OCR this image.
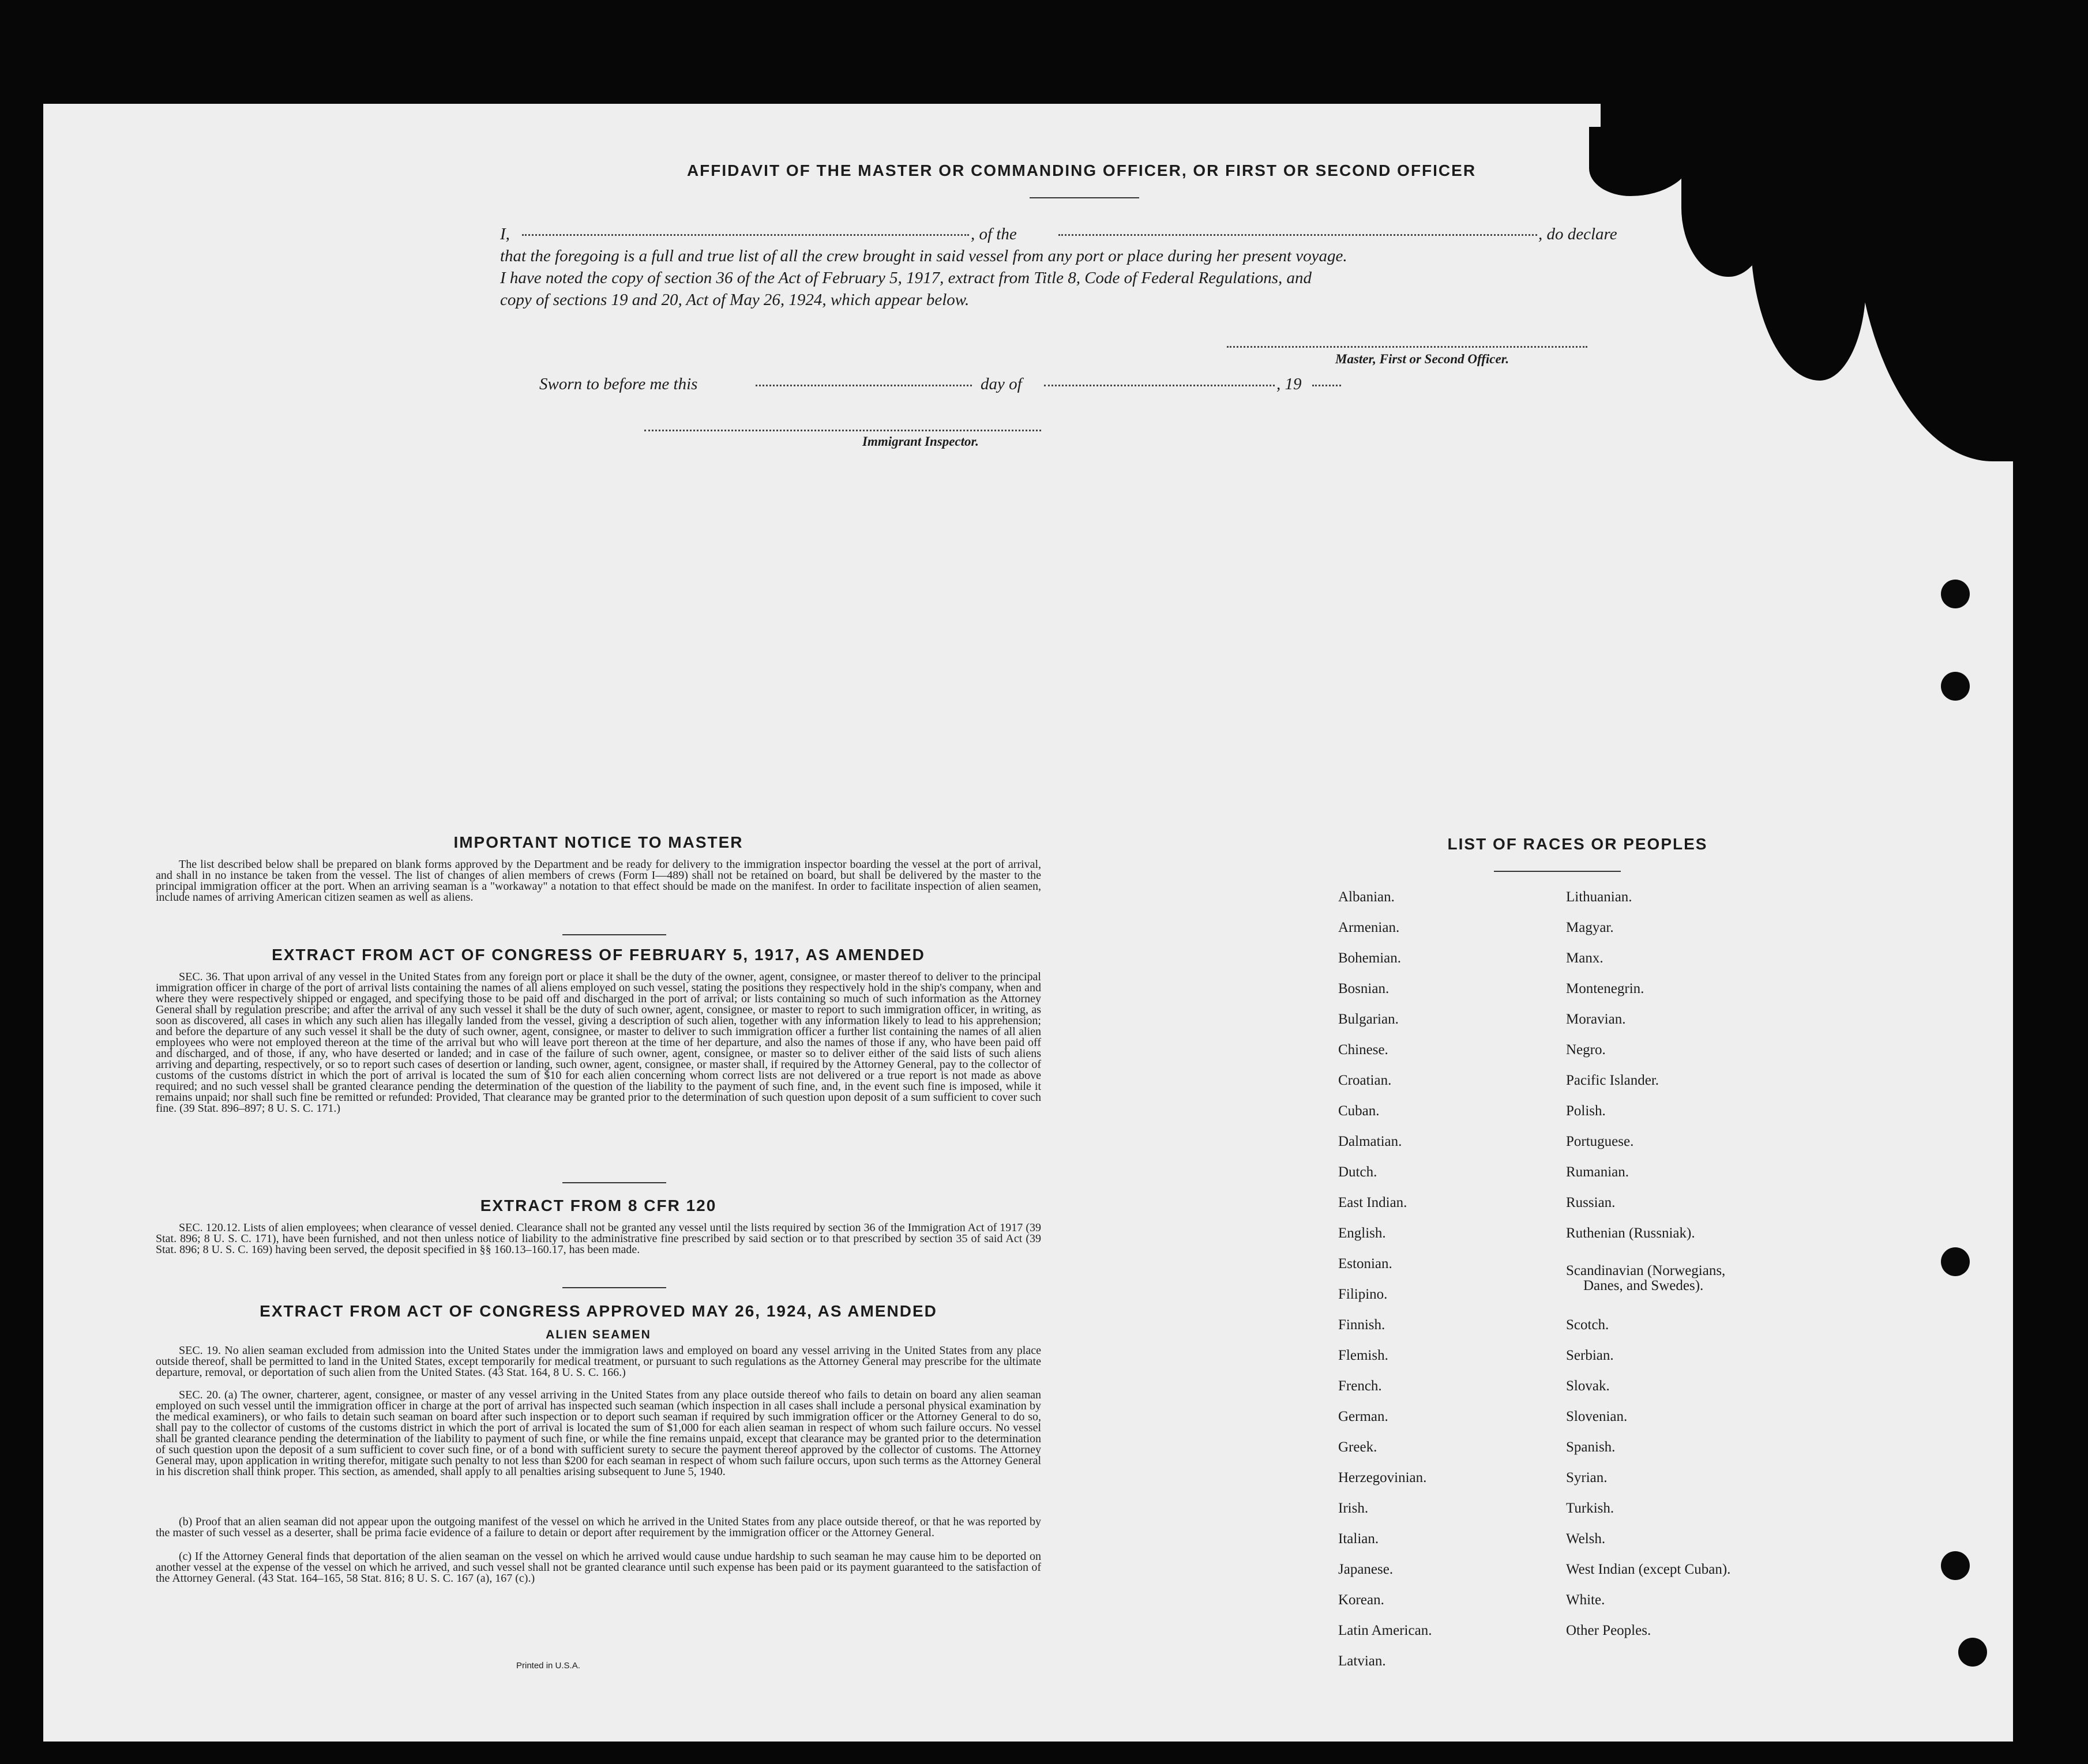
AFFIDAVIT OF THE MASTER OR COMMANDING OFFICER, OR FIRST OR SECOND OFFICER
I,	, of the	, do declare
that the foregoing is a full and true list of all the crew brought in said vessel from any port or place during her present voyage.
I have noted the copy of section 36 of the Act of February 5, 1917, extract from Title 8, Code of Federal Regulations, and
copy of sections 19 and 20, Act of May 26, 1924, which appear below.
Master, First or Second Officer.
Sworn to before me this	day of	, 19
Immigrant Inspector.
IMPORTANT NOTICE TO MASTER
The list described below shall be prepared on blank forms approved by the Department and be ready for delivery to the immigration inspector boarding the vessel at the port of arrival, and shall in no instance be taken from the vessel. The list of changes of alien members of crews (Form I—489) shall not be retained on board, but shall be delivered by the master to the principal immigration officer at the port. When an arriving seaman is a "workaway" a notation to that effect should be made on the manifest. In order to facilitate inspection of alien seamen, include names of arriving American citizen seamen as well as aliens.
EXTRACT FROM ACT OF CONGRESS OF FEBRUARY 5, 1917, AS AMENDED
SEC. 36. That upon arrival of any vessel in the United States from any foreign port or place it shall be the duty of the owner, agent, consignee, or master thereof to deliver to the principal immigration officer in charge of the port of arrival lists containing the names of all aliens employed on such vessel, stating the positions they respectively hold in the ship's company, when and where they were respectively shipped or engaged, and specifying those to be paid off and discharged in the port of arrival; or lists containing so much of such information as the Attorney General shall by regulation prescribe; and after the arrival of any such vessel it shall be the duty of such owner, agent, consignee, or master to report to such immigration officer, in writing, as soon as discovered, all cases in which any such alien has illegally landed from the vessel, giving a description of such alien, together with any information likely to lead to his apprehension; and before the departure of any such vessel it shall be the duty of such owner, agent, consignee, or master to deliver to such immigration officer a further list containing the names of all alien employees who were not employed thereon at the time of the arrival but who will leave port thereon at the time of her departure, and also the names of those if any, who have been paid off and discharged, and of those, if any, who have deserted or landed; and in case of the failure of such owner, agent, consignee, or master so to deliver either of the said lists of such aliens arriving and departing, respectively, or so to report such cases of desertion or landing, such owner, agent, consignee, or master shall, if required by the Attorney General, pay to the collector of customs of the customs district in which the port of arrival is located the sum of $10 for each alien concerning whom correct lists are not delivered or a true report is not made as above required; and no such vessel shall be granted clearance pending the determination of the question of the liability to the payment of such fine, and, in the event such fine is imposed, while it remains unpaid; nor shall such fine be remitted or refunded: Provided, That clearance may be granted prior to the determination of such question upon deposit of a sum sufficient to cover such fine. (39 Stat. 896–897; 8 U. S. C. 171.)
EXTRACT FROM 8 CFR 120
SEC. 120.12. Lists of alien employees; when clearance of vessel denied. Clearance shall not be granted any vessel until the lists required by section 36 of the Immigration Act of 1917 (39 Stat. 896; 8 U. S. C. 171), have been furnished, and not then unless notice of liability to the administrative fine prescribed by said section or to that prescribed by section 35 of said Act (39 Stat. 896; 8 U. S. C. 169) having been served, the deposit specified in §§ 160.13–160.17, has been made.
EXTRACT FROM ACT OF CONGRESS APPROVED MAY 26, 1924, AS AMENDED
ALIEN SEAMEN
SEC. 19. No alien seaman excluded from admission into the United States under the immigration laws and employed on board any vessel arriving in the United States from any place outside thereof, shall be permitted to land in the United States, except temporarily for medical treatment, or pursuant to such regulations as the Attorney General may prescribe for the ultimate departure, removal, or deportation of such alien from the United States. (43 Stat. 164, 8 U. S. C. 166.)
SEC. 20. (a) The owner, charterer, agent, consignee, or master of any vessel arriving in the United States from any place outside thereof who fails to detain on board any alien seaman employed on such vessel until the immigration officer in charge at the port of arrival has inspected such seaman (which inspection in all cases shall include a personal physical examination by the medical examiners), or who fails to detain such seaman on board after such inspection or to deport such seaman if required by such immigration officer or the Attorney General to do so, shall pay to the collector of customs of the customs district in which the port of arrival is located the sum of $1,000 for each alien seaman in respect of whom such failure occurs. No vessel shall be granted clearance pending the determination of the liability to payment of such fine, or while the fine remains unpaid, except that clearance may be granted prior to the determination of such question upon the deposit of a sum sufficient to cover such fine, or of a bond with sufficient surety to secure the payment thereof approved by the collector of customs. The Attorney General may, upon application in writing therefor, mitigate such penalty to not less than $200 for each seaman in respect of whom such failure occurs, upon such terms as the Attorney General in his discretion shall think proper. This section, as amended, shall apply to all penalties arising subsequent to June 5, 1940.
(b) Proof that an alien seaman did not appear upon the outgoing manifest of the vessel on which he arrived in the United States from any place outside thereof, or that he was reported by the master of such vessel as a deserter, shall be prima facie evidence of a failure to detain or deport after requirement by the immigration officer or the Attorney General.
(c) If the Attorney General finds that deportation of the alien seaman on the vessel on which he arrived would cause undue hardship to such seaman he may cause him to be deported on another vessel at the expense of the vessel on which he arrived, and such vessel shall not be granted clearance until such expense has been paid or its payment guaranteed to the satisfaction of the Attorney General. (43 Stat. 164–165, 58 Stat. 816; 8 U. S. C. 167 (a), 167 (c).)
Printed in U.S.A.
LIST OF RACES OR PEOPLES
Albanian.
Armenian.
Bohemian.
Bosnian.
Bulgarian.
Chinese.
Croatian.
Cuban.
Dalmatian.
Dutch.
East Indian.
English.
Estonian.
Filipino.
Finnish.
Flemish.
French.
German.
Greek.
Herzegovinian.
Irish.
Italian.
Japanese.
Korean.
Latin American.
Latvian.
Lithuanian.
Magyar.
Manx.
Montenegrin.
Moravian.
Negro.
Pacific Islander.
Polish.
Portuguese.
Rumanian.
Russian.
Ruthenian (Russniak).
Scandinavian (Norwegians,
Danes, and Swedes).
Scotch.
Serbian.
Slovak.
Slovenian.
Spanish.
Syrian.
Turkish.
Welsh.
West Indian (except Cuban).
White.
Other Peoples.
